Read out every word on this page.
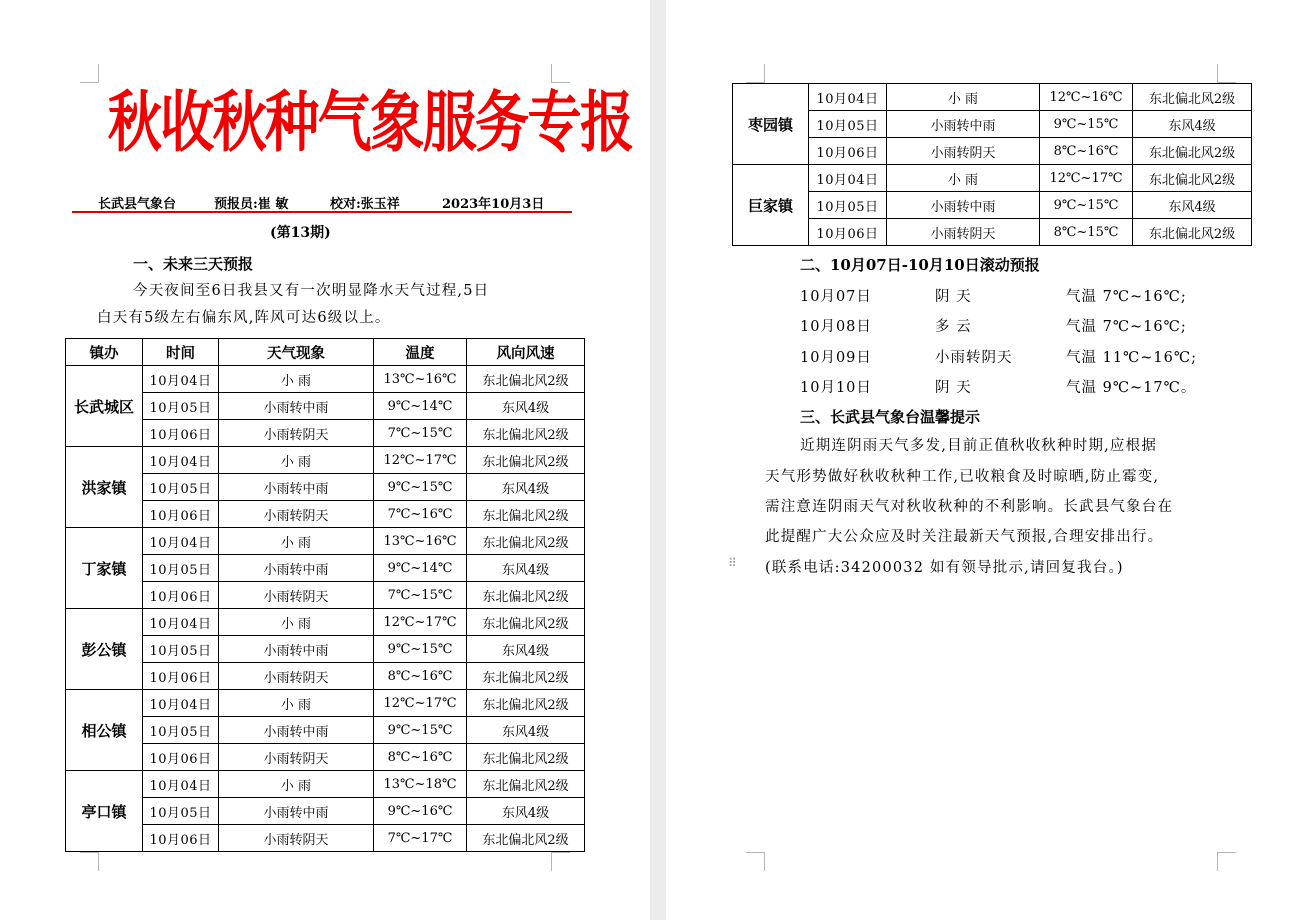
秋收秋种气象服务专报
长武县气象台	预报员:崔 敏	校对:张玉祥	2023年10月3日
(第13期)
一、未来三天预报
今天夜间至6日我县又有一次明显降水天气过程,5日
白天有5级左右偏东风,阵风可达6级以上。
镇办	时间	天气现象	温度	风向风速
长武城区	10月04日	小 雨	13℃~16℃	东北偏北风2级
	10月05日	小雨转中雨	9℃~14℃	东风4级
	10月06日	小雨转阴天	7℃~15℃	东北偏北风2级
洪家镇	10月04日	小 雨	12℃~17℃	东北偏北风2级
	10月05日	小雨转中雨	9℃~15℃	东风4级
	10月06日	小雨转阴天	7℃~16℃	东北偏北风2级
丁家镇	10月04日	小 雨	13℃~16℃	东北偏北风2级
	10月05日	小雨转中雨	9℃~14℃	东风4级
	10月06日	小雨转阴天	7℃~15℃	东北偏北风2级
彭公镇	10月04日	小 雨	12℃~17℃	东北偏北风2级
	10月05日	小雨转中雨	9℃~15℃	东风4级
	10月06日	小雨转阴天	8℃~16℃	东北偏北风2级
相公镇	10月04日	小 雨	12℃~17℃	东北偏北风2级
	10月05日	小雨转中雨	9℃~15℃	东风4级
	10月06日	小雨转阴天	8℃~16℃	东北偏北风2级
亭口镇	10月04日	小 雨	13℃~18℃	东北偏北风2级
	10月05日	小雨转中雨	9℃~16℃	东风4级
	10月06日	小雨转阴天	7℃~17℃	东北偏北风2级
枣园镇	10月04日	小 雨	12℃~16℃	东北偏北风2级
	10月05日	小雨转中雨	9℃~15℃	东风4级
	10月06日	小雨转阴天	8℃~16℃	东北偏北风2级
巨家镇	10月04日	小 雨	12℃~17℃	东北偏北风2级
	10月05日	小雨转中雨	9℃~15℃	东风4级
	10月06日	小雨转阴天	8℃~15℃	东北偏北风2级
二、10月07日-10月10日滚动预报
10月07日	阴 天	气温 7℃~16℃;
10月08日	多 云	气温 7℃~16℃;
10月09日	小雨转阴天	气温 11℃~16℃;
10月10日	阴 天	气温 9℃~17℃。
三、长武县气象台温馨提示
近期连阴雨天气多发,目前正值秋收秋种时期,应根据
天气形势做好秋收秋种工作,已收粮食及时晾晒,防止霉变,
需注意连阴雨天气对秋收秋种的不利影响。长武县气象台在
此提醒广大公众应及时关注最新天气预报,合理安排出行。
⠿ (联系电话:34200032 如有领导批示,请回复我台。)
